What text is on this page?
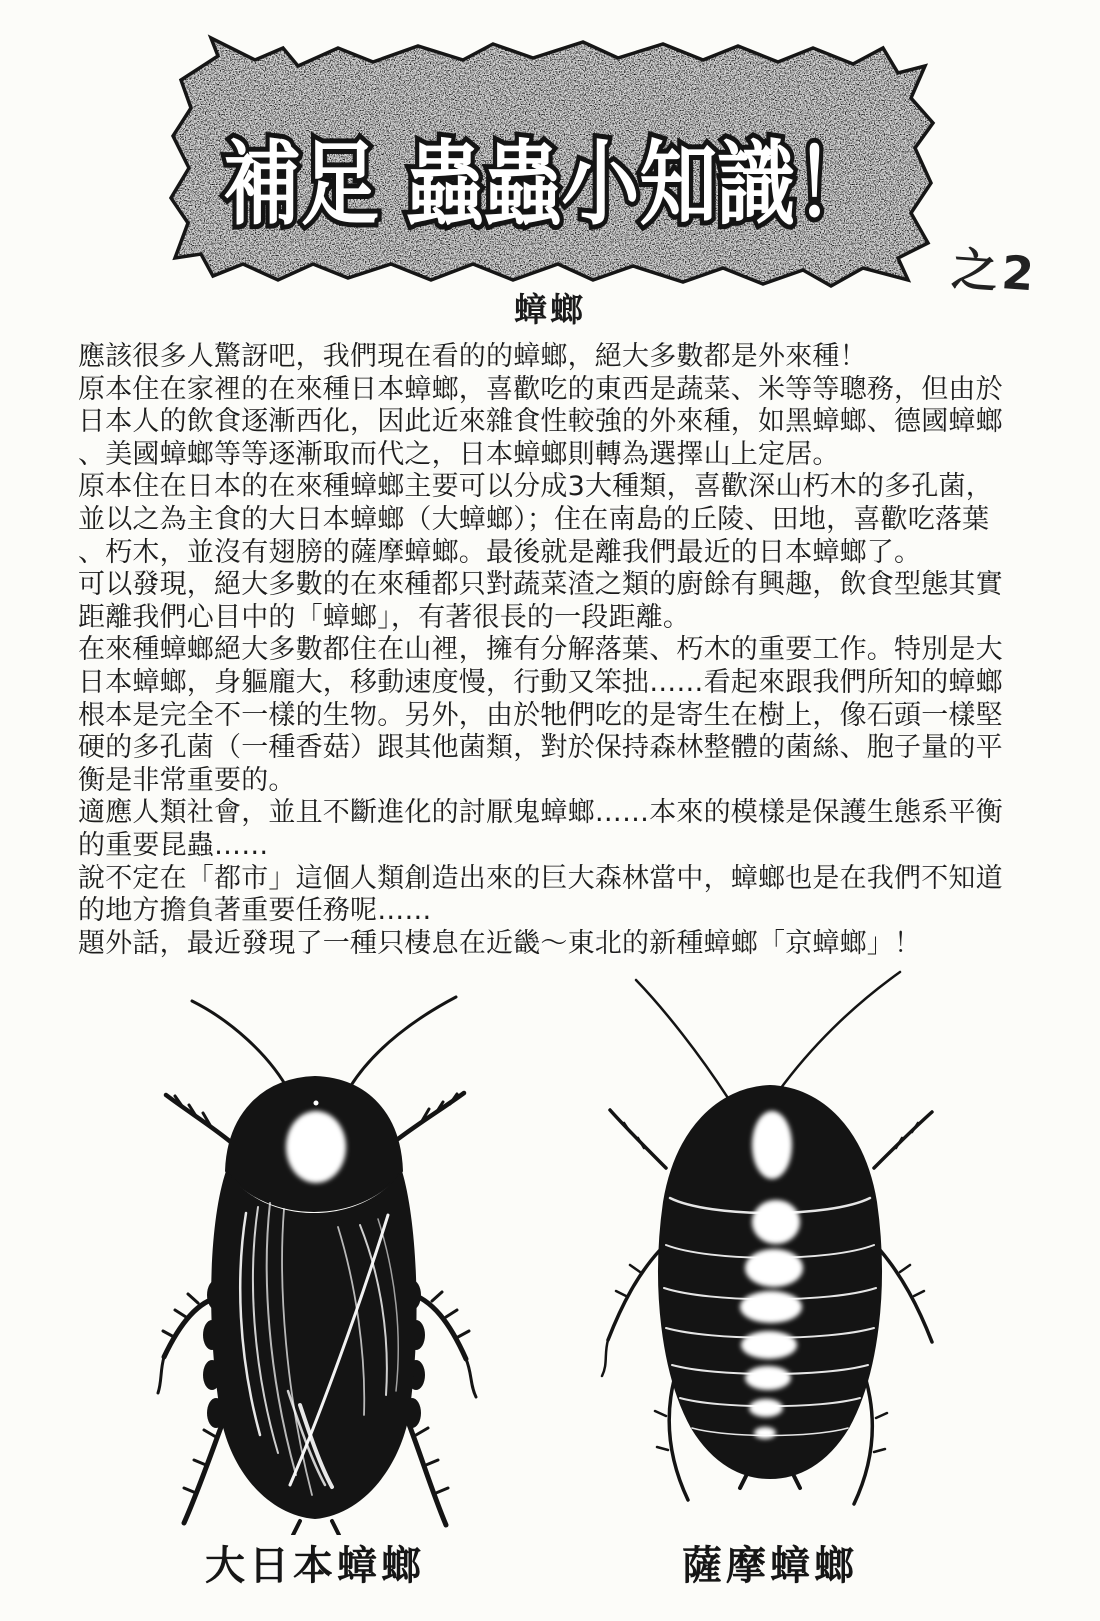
補足 蟲蟲小知識！
之2
蟑螂
應該很多人驚訝吧，我們現在看的的蟑螂，絕大多數都是外來種！
原本住在家裡的在來種日本蟑螂，喜歡吃的東西是蔬菜、米等等聰務，但由於
日本人的飲食逐漸西化，因此近來雜食性較強的外來種，如黑蟑螂、德國蟑螂
、美國蟑螂等等逐漸取而代之，日本蟑螂則轉為選擇山上定居。
原本住在日本的在來種蟑螂主要可以分成3大種類，喜歡深山朽木的多孔菌，
並以之為主食的大日本蟑螂（大蟑螂）；住在南島的丘陵、田地，喜歡吃落葉
、朽木，並沒有翅膀的薩摩蟑螂。最後就是離我們最近的日本蟑螂了。
可以發現，絕大多數的在來種都只對蔬菜渣之類的廚餘有興趣，飲食型態其實
距離我們心目中的「蟑螂」，有著很長的一段距離。
在來種蟑螂絕大多數都住在山裡，擁有分解落葉、朽木的重要工作。特別是大
日本蟑螂，身軀龐大，移動速度慢，行動又笨拙……看起來跟我們所知的蟑螂
根本是完全不一樣的生物。另外，由於牠們吃的是寄生在樹上，像石頭一樣堅
硬的多孔菌（一種香菇）跟其他菌類，對於保持森林整體的菌絲、胞子量的平
衡是非常重要的。
適應人類社會，並且不斷進化的討厭鬼蟑螂……本來的模樣是保護生態系平衡
的重要昆蟲……
說不定在「都市」這個人類創造出來的巨大森林當中，蟑螂也是在我們不知道
的地方擔負著重要任務呢……
題外話，最近發現了一種只棲息在近畿～東北的新種蟑螂「京蟑螂」！
大日本蟑螂	薩摩蟑螂
